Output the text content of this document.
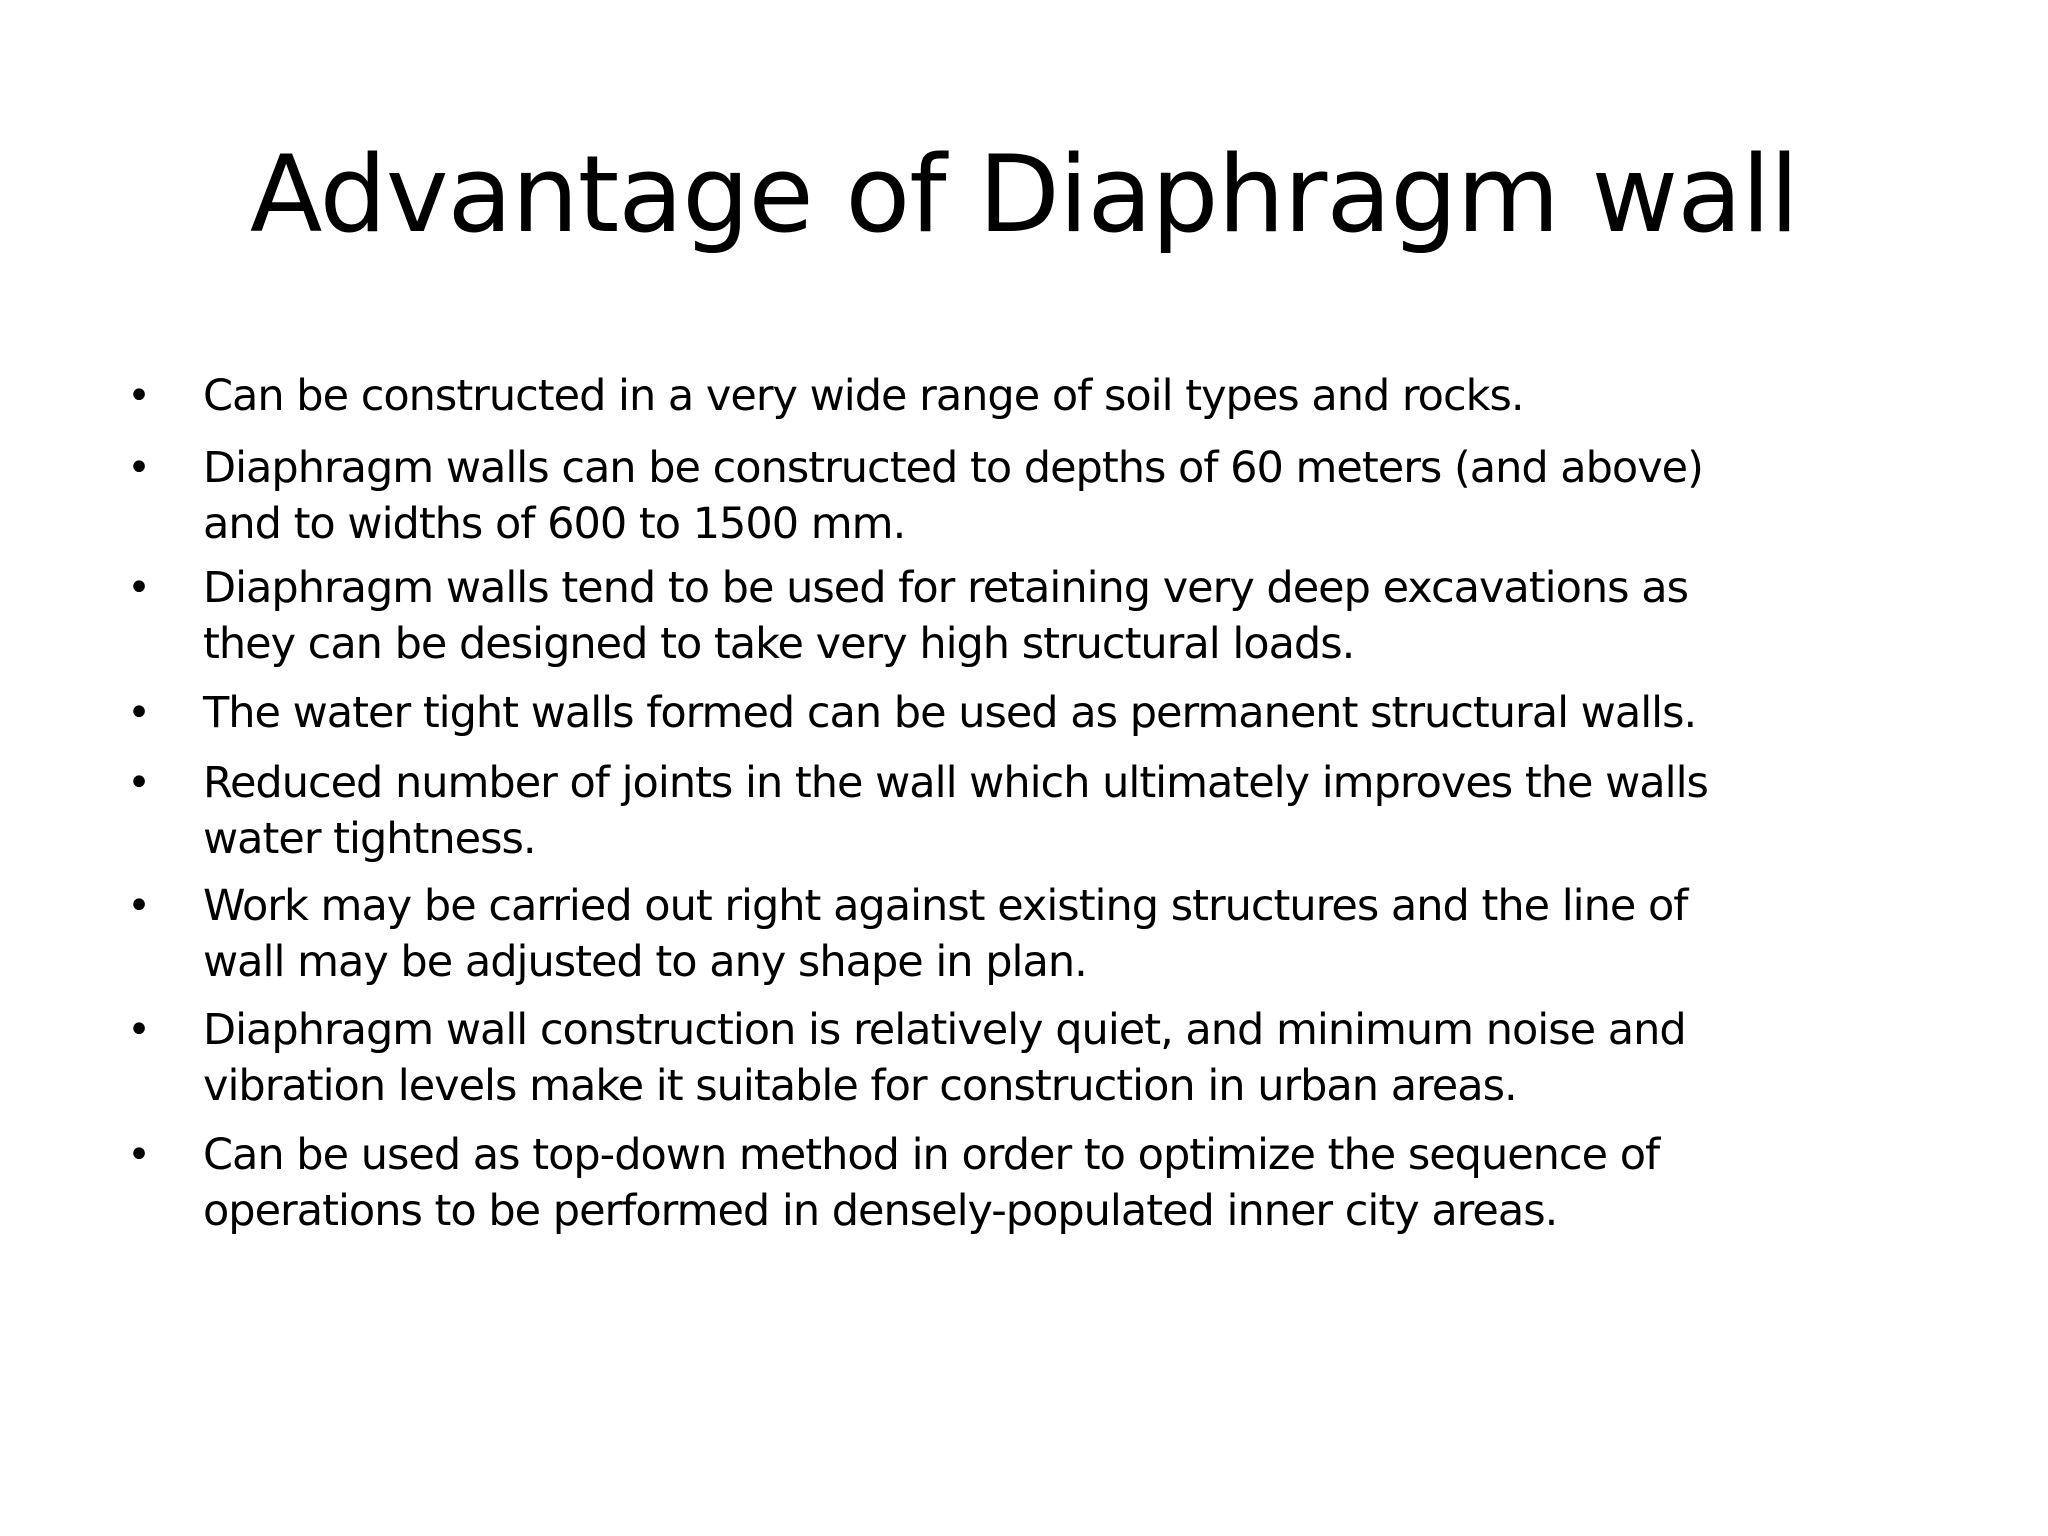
Advantage of Diaphragm wall
• Can be constructed in a very wide range of soil types and rocks.
• Diaphragm walls can be constructed to depths of 60 meters (and above)
and to widths of 600 to 1500 mm.
• Diaphragm walls tend to be used for retaining very deep excavations as
they can be designed to take very high structural loads.
• The water tight walls formed can be used as permanent structural walls.
• Reduced number of joints in the wall which ultimately improves the walls
water tightness.
• Work may be carried out right against existing structures and the line of
wall may be adjusted to any shape in plan.
• Diaphragm wall construction is relatively quiet, and minimum noise and
vibration levels make it suitable for construction in urban areas.
• Can be used as top-down method in order to optimize the sequence of
operations to be performed in densely-populated inner city areas.
